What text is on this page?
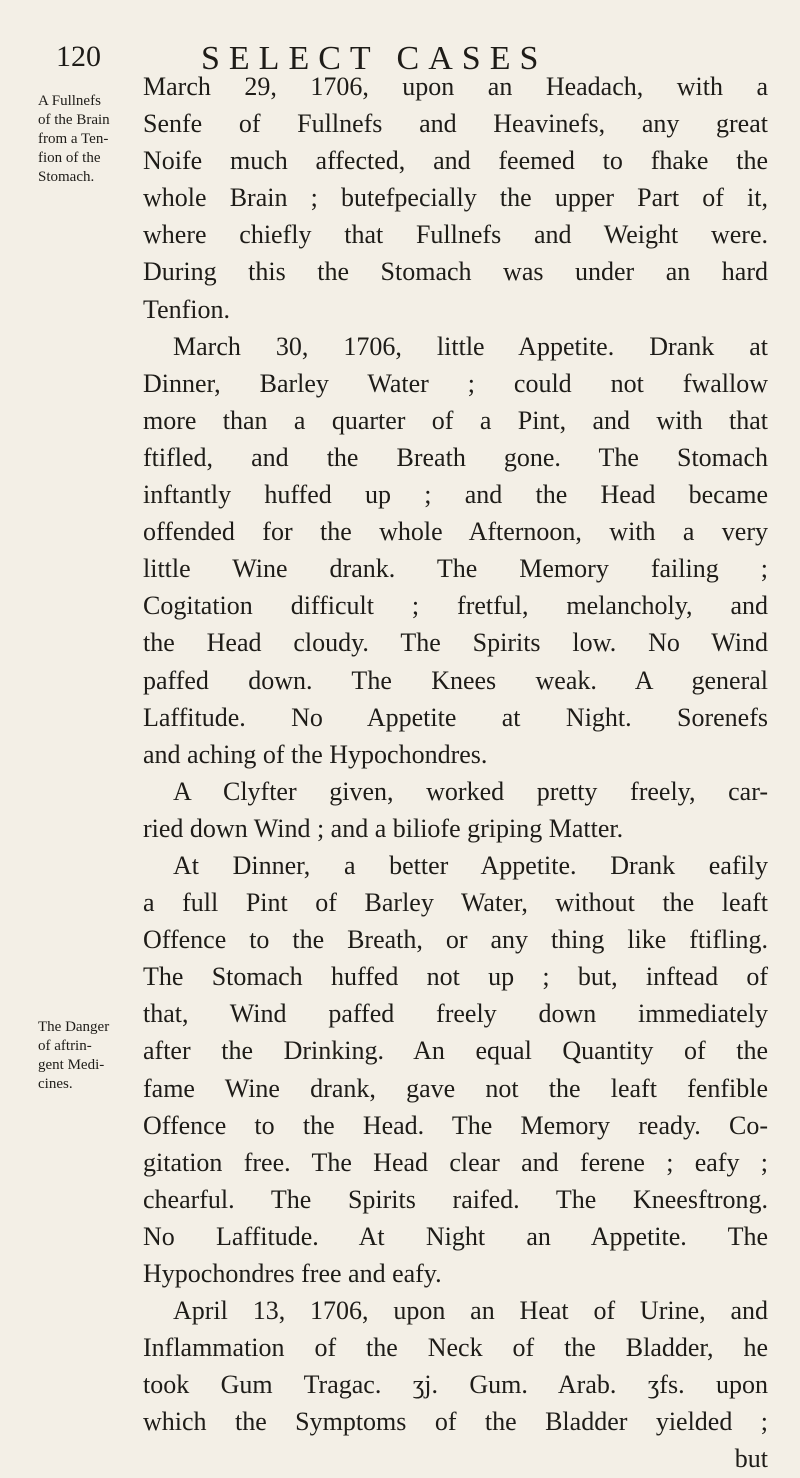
120	SELECT CASES
A Fullnefs
of the Brain
from a Ten-
fion of the
Stomach.
The Danger
of aftrin-
gent Medi-
cines.
March 29, 1706, upon an Headach, with a
Senfe of Fullnefs and Heavinefs, any great
Noife much affected, and feemed to fhake the
whole Brain ; butefpecially the upper Part of it,
where chiefly that Fullnefs and Weight were.
During this the Stomach was under an hard
Tenfion.
March 30, 1706, little Appetite. Drank at
Dinner, Barley Water ; could not fwallow
more than a quarter of a Pint, and with that
ftifled, and the Breath gone. The Stomach
inftantly huffed up ; and the Head became
offended for the whole Afternoon, with a very
little Wine drank. The Memory failing ;
Cogitation difficult ; fretful, melancholy, and
the Head cloudy. The Spirits low. No Wind
paffed down. The Knees weak. A general
Laffitude. No Appetite at Night. Sorenefs
and aching of the Hypochondres.
A Clyfter given, worked pretty freely, car-
ried down Wind ; and a biliofe griping Matter.
At Dinner, a better Appetite. Drank eafily
a full Pint of Barley Water, without the leaft
Offence to the Breath, or any thing like ftifling.
The Stomach huffed not up ; but, inftead of
that, Wind paffed freely down immediately
after the Drinking. An equal Quantity of the
fame Wine drank, gave not the leaft fenfible
Offence to the Head. The Memory ready. Co-
gitation free. The Head clear and ferene ; eafy ;
chearful. The Spirits raifed. The Kneesftrong.
No Laffitude. At Night an Appetite. The
Hypochondres free and eafy.
April 13, 1706, upon an Heat of Urine, and
Inflammation of the Neck of the Bladder, he
took Gum Tragac. ʒj. Gum. Arab. ʒfs. upon
which the Symptoms of the Bladder yielded ;
but
